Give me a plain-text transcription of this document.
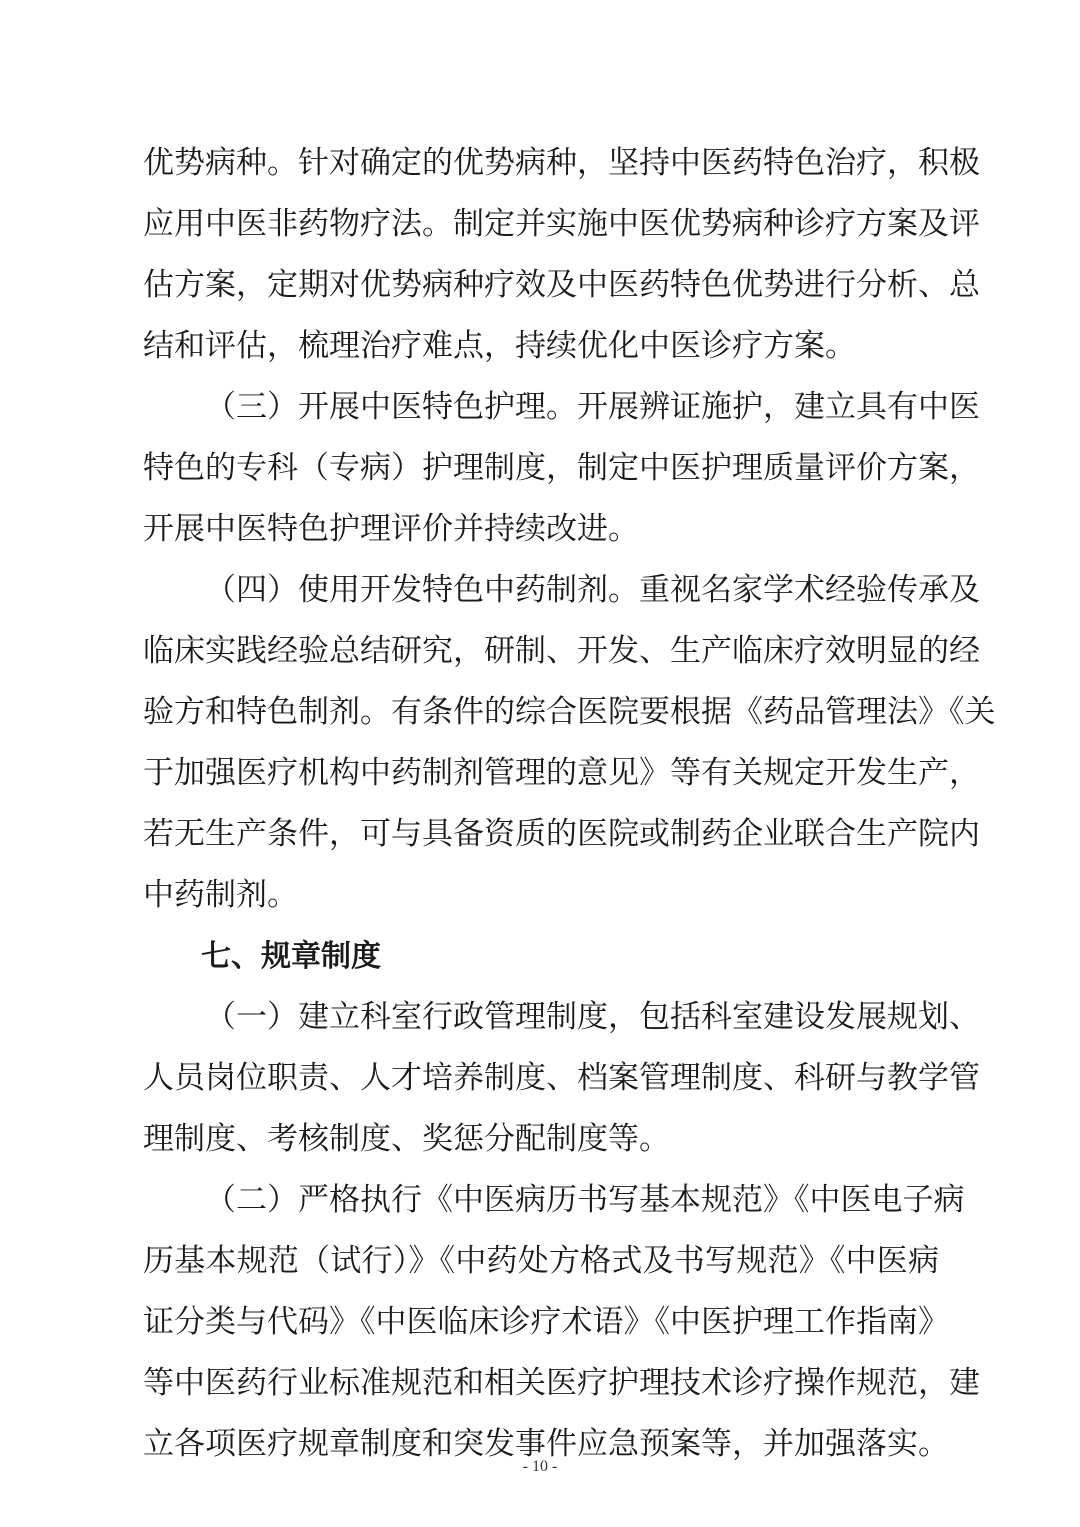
优势病种。针对确定的优势病种，坚持中医药特色治疗，积极
应用中医非药物疗法。制定并实施中医优势病种诊疗方案及评
估方案，定期对优势病种疗效及中医药特色优势进行分析、总
结和评估，梳理治疗难点，持续优化中医诊疗方案。
（三）开展中医特色护理。开展辨证施护，建立具有中医
特色的专科（专病）护理制度，制定中医护理质量评价方案，
开展中医特色护理评价并持续改进。
（四）使用开发特色中药制剂。重视名家学术经验传承及
临床实践经验总结研究，研制、开发、生产临床疗效明显的经
验方和特色制剂。有条件的综合医院要根据《药品管理法》《关
于加强医疗机构中药制剂管理的意见》等有关规定开发生产，
若无生产条件，可与具备资质的医院或制药企业联合生产院内
中药制剂。
七、规章制度
（一）建立科室行政管理制度，包括科室建设发展规划、
人员岗位职责、人才培养制度、档案管理制度、科研与教学管
理制度、考核制度、奖惩分配制度等。
（二）严格执行《中医病历书写基本规范》《中医电子病
历基本规范（试行）》《中药处方格式及书写规范》《中医病
证分类与代码》《中医临床诊疗术语》《中医护理工作指南》
等中医药行业标准规范和相关医疗护理技术诊疗操作规范，建
立各项医疗规章制度和突发事件应急预案等，并加强落实。
- 10 -
